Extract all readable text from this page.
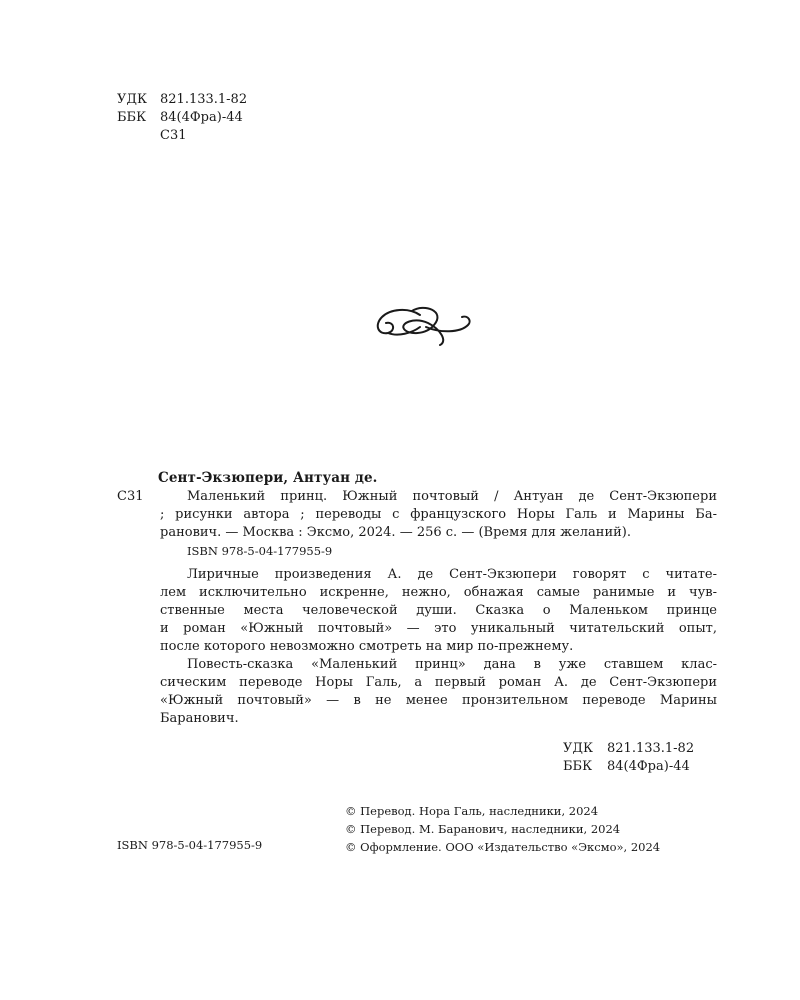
УДК 821.133.1-82
ББК 84(4Фра)-44
С31
Сент-Экзюпери, Антуан де.
С31	Маленький принц. Южный почтовый / Антуан де Сент-Экзюпери
; рисунки автора ; переводы с французского Норы Галь и Марины Ба-
ранович. — Москва : Эксмо, 2024. — 256 с. — (Время для желаний).
ISBN 978-5-04-177955-9
Лиричные произведения А. де Сент-Экзюпери говорят с читате-
лем исключительно искренне, нежно, обнажая самые ранимые и чув-
ственные места человеческой души. Сказка о Маленьком принце
и роман «Южный почтовый» — это уникальный читательский опыт,
после которого невозможно смотреть на мир по-прежнему.
Повесть-сказка «Маленький принц» дана в уже ставшем клас-
сическим переводе Норы Галь, а первый роман А. де Сент-Экзюпери
«Южный почтовый» — в не менее пронзительном переводе Марины
Баранович.
УДК 821.133.1-82
ББК 84(4Фра)-44
© Перевод. Нора Галь, наследники, 2024
© Перевод. М. Баранович, наследники, 2024
© Оформление. ООО «Издательство «Эксмо», 2024
ISBN 978-5-04-177955-9
